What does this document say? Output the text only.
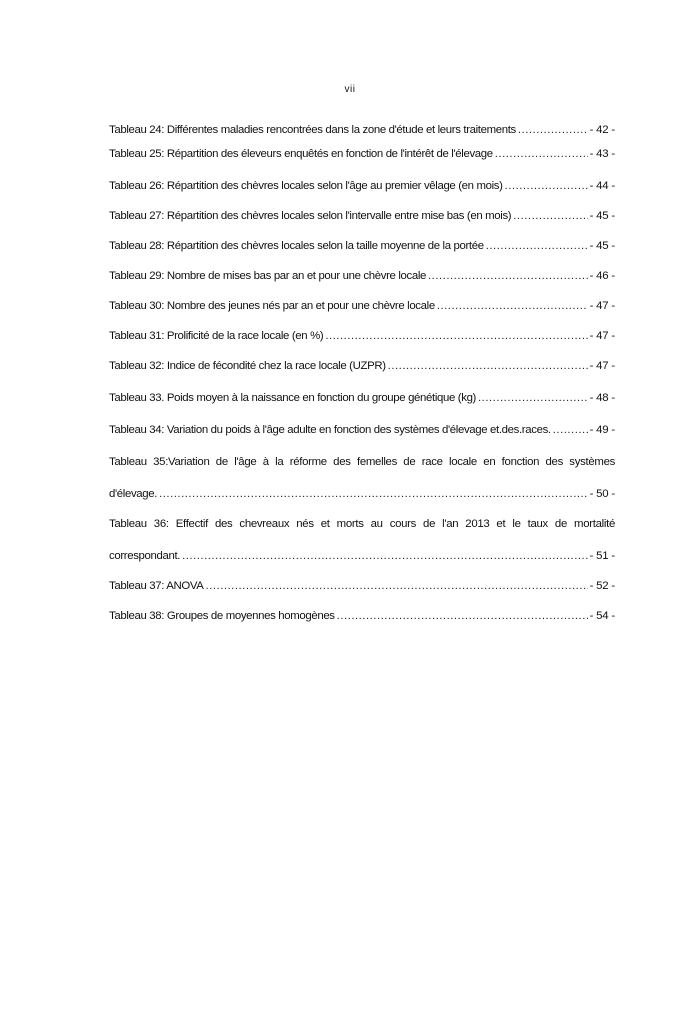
vii
Tableau 24: Différentes maladies rencontrées dans la zone d'étude et leurs traitements .....	- 42 -
Tableau 25: Répartition des éleveurs enquêtés en fonction de l'intérêt de l'élevage .....	- 43 -
Tableau 26: Répartition des chèvres locales selon l'âge au premier vêlage (en mois) .....	- 44 -
Tableau 27: Répartition des chèvres locales selon l'intervalle entre mise bas (en mois) .....	- 45 -
Tableau 28: Répartition des chèvres locales selon la taille moyenne de la portée .....	- 45 -
Tableau 29: Nombre de mises bas par an et pour une chèvre locale .....	- 46 -
Tableau 30: Nombre des jeunes nés par an et pour une chèvre locale .....	- 47 -
Tableau 31: Prolificité de la race locale (en %) .....	- 47 -
Tableau 32: Indice de fécondité chez la race locale (UZPR) .....	- 47 -
Tableau 33. Poids moyen à la naissance en fonction du groupe génétique (kg) .....	- 48 -
Tableau 34: Variation du poids à l'âge adulte en fonction des systèmes d'élevage et.des.races. .....	- 49 -
Tableau 35:Variation de l'âge à la réforme des femelles de race locale en fonction des systèmes
d'élevage. .....	- 50 -
Tableau 36: Effectif des chevreaux nés et morts au cours de l'an 2013 et le taux de mortalité
correspondant. .....	- 51 -
Tableau 37: ANOVA .....	- 52 -
Tableau 38: Groupes de moyennes homogènes .....	- 54 -
